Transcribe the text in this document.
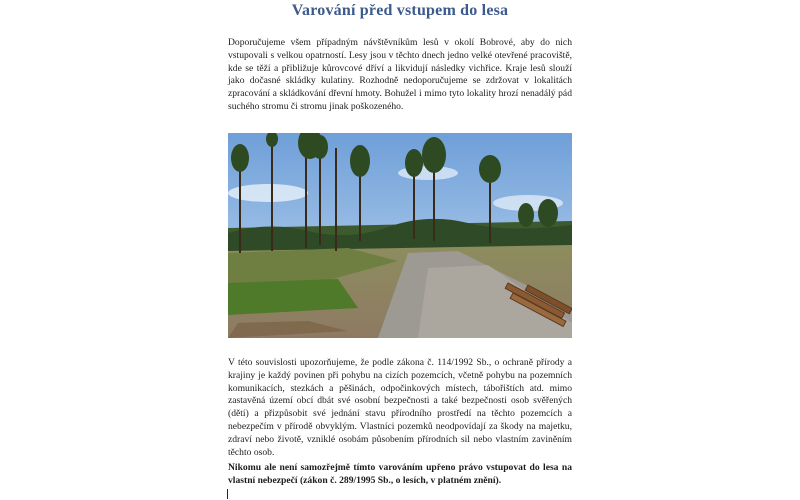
Varování před vstupem do lesa

Doporučujeme všem případným návštěvníkům lesů v okolí Bobrové, aby do nich vstupovali s velkou opatrností. Lesy jsou v těchto dnech jedno velké otevřené pracoviště, kde se těží a přibližuje kůrovcové dříví a likvidují následky vichřice. Kraje lesů slouží jako dočasné skládky kulatiny. Rozhodně nedoporučujeme se zdržovat v lokalitách zpracování a skládkování dřevní hmoty. Bohužel i mimo tyto lokality hrozí nenadálý pád suchého stromu či stromu jinak poškozeného.

V této souvislosti upozorňujeme, že podle zákona č. 114/1992 Sb., o ochraně přírody a krajiny je každý povinen při pohybu na cizích pozemcích, včetně pohybu na pozemních komunikacích, stezkách a pěšinách, odpočinkových místech, tábořištích atd. mimo zastavěná území obcí dbát své osobní bezpečnosti a také bezpečnosti osob svěřených (dětí) a přizpůsobit své jednání stavu přírodního prostředí na těchto pozemcích a nebezpečím v přírodě obvyklým. Vlastníci pozemků neodpovídají za škody na majetku, zdraví nebo životě, vzniklé osobám působením přírodních sil nebo vlastním zaviněním těchto osob.

Nikomu ale není samozřejmě tímto varováním upřeno právo vstupovat do lesa na vlastní nebezpečí (zákon č. 289/1995 Sb., o lesích, v platném znění).
